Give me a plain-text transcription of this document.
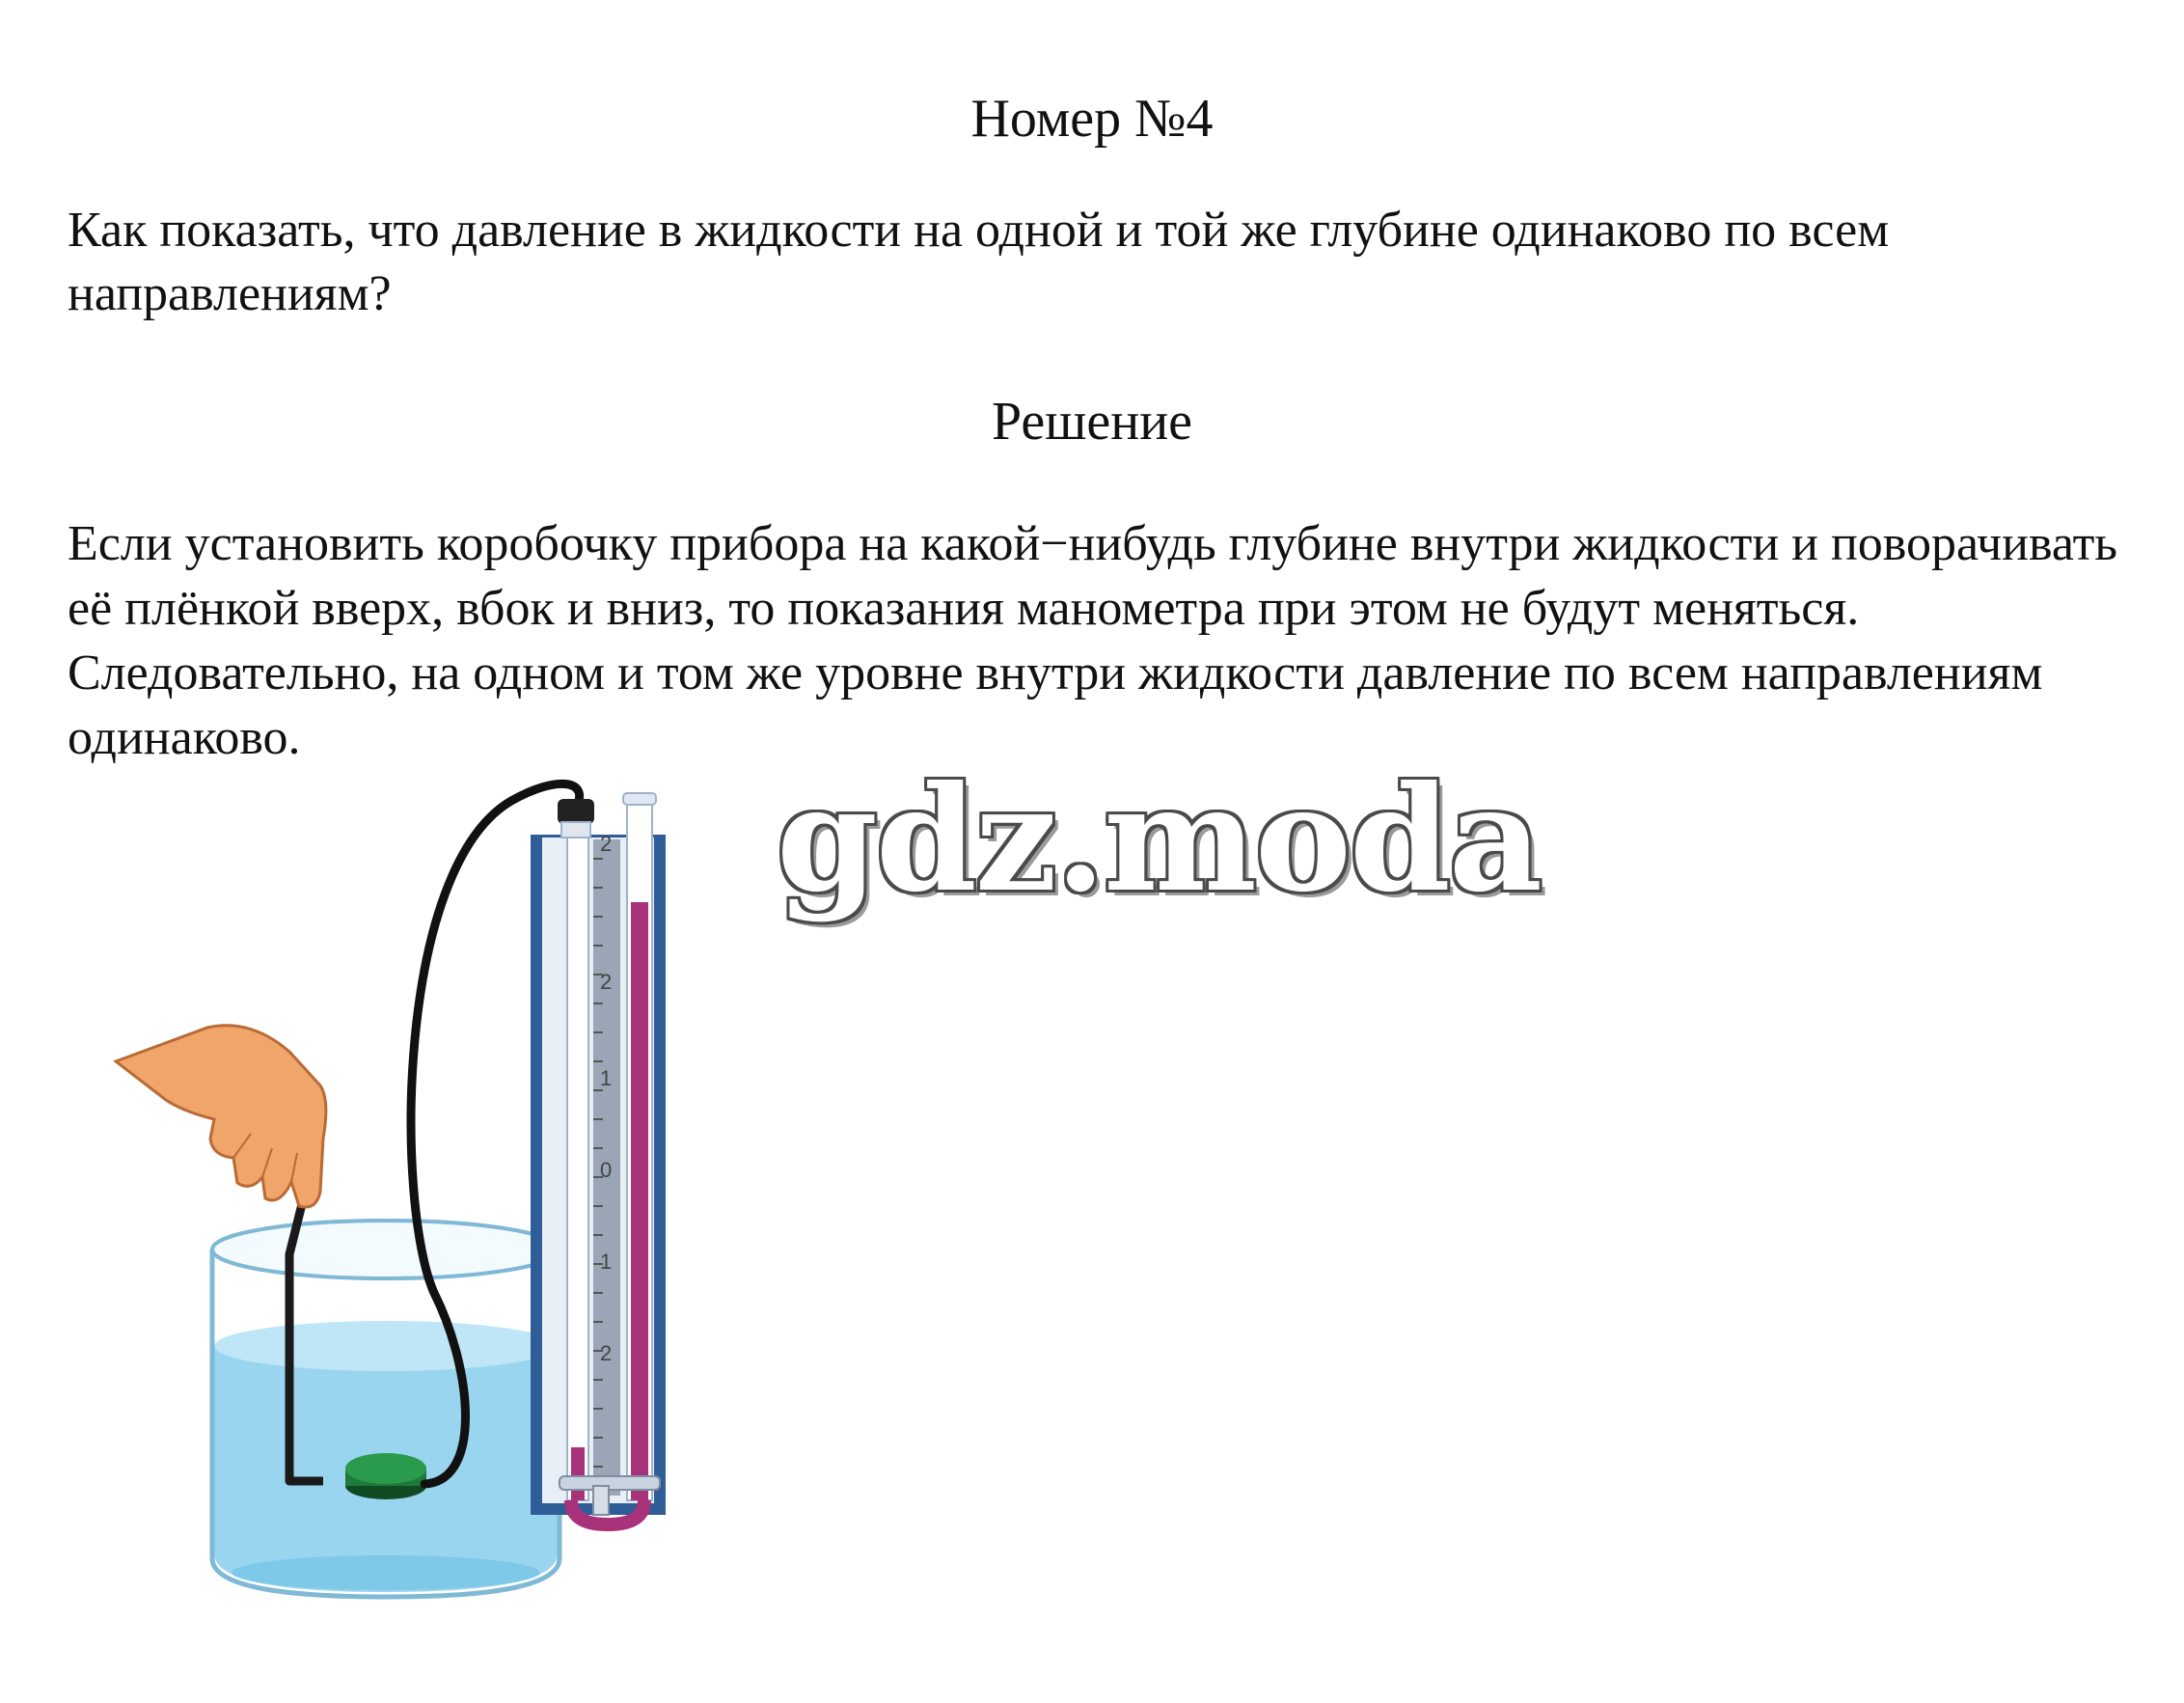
Номер №4
Как показать, что давление в жидкости на одной и той же глубине одинаково по всем направлениям?
Решение
Если установить коробочку прибора на какой−нибудь глубине внутри жидкости и поворачивать её плёнкой вверх, вбок и вниз, то показания манометра при этом не будут меняться. Следовательно, на одном и том же уровне внутри жидкости давление по всем направлениям одинаково.
gdz.moda
2
2
1
0
1
2
